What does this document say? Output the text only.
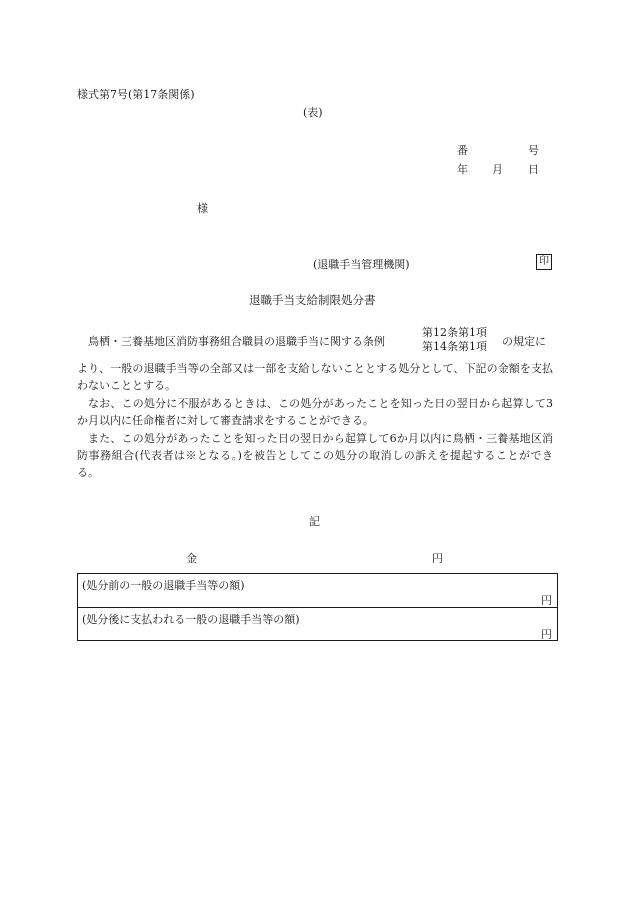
様式第7号(第17条関係)
(表)
番	号
年 月 日
様
(退職手当管理機関)	印
退職手当支給制限処分書
鳥栖・三養基地区消防事務組合職員の退職手当に関する条例
第12条第1項
第14条第1項 の規定に
より、一般の退職手当等の全部又は一部を支給しないこととする処分として、下記の金額を支払わないこととする。
なお、この処分に不服があるときは、この処分があったことを知った日の翌日から起算して3か月以内に任命権者に対して審査請求をすることができる。
また、この処分があったことを知った日の翌日から起算して6か月以内に鳥栖・三養基地区消防事務組合(代表者は※となる。)を被告としてこの処分の取消しの訴えを提起することができる。
記
金	円
(処分前の一般の退職手当等の額)
円
(処分後に支払われる一般の退職手当等の額)
円
